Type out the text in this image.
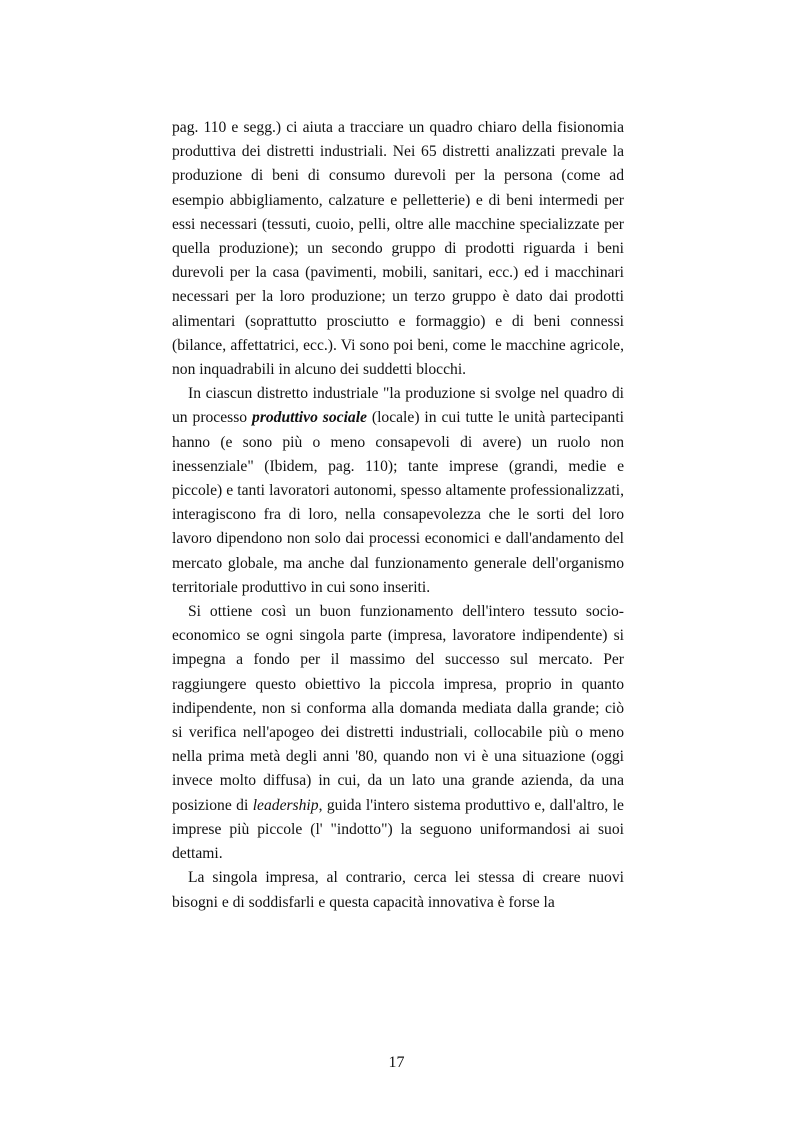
pag. 110 e segg.) ci aiuta a tracciare un quadro chiaro della fisionomia produttiva dei distretti industriali. Nei 65 distretti analizzati prevale la produzione di beni di consumo durevoli per la persona (come ad esempio abbigliamento, calzature e pelletterie) e di beni intermedi per essi necessari (tessuti, cuoio, pelli, oltre alle macchine specializzate per quella produzione); un secondo gruppo di prodotti riguarda i beni durevoli per la casa (pavimenti, mobili, sanitari, ecc.) ed i macchinari necessari per la loro produzione; un terzo gruppo è dato dai prodotti alimentari (soprattutto prosciutto e formaggio) e di beni connessi (bilance, affettatrici, ecc.). Vi sono poi beni, come le macchine agricole, non inquadrabili in alcuno dei suddetti blocchi.

In ciascun distretto industriale "la produzione si svolge nel quadro di un processo produttivo sociale (locale) in cui tutte le unità partecipanti hanno (e sono più o meno consapevoli di avere) un ruolo non inessenziale" (Ibidem, pag. 110); tante imprese (grandi, medie e piccole) e tanti lavoratori autonomi, spesso altamente professionalizzati, interagiscono fra di loro, nella consapevolezza che le sorti del loro lavoro dipendono non solo dai processi economici e dall'andamento del mercato globale, ma anche dal funzionamento generale dell'organismo territoriale produttivo in cui sono inseriti.

Si ottiene così un buon funzionamento dell'intero tessuto socio-economico se ogni singola parte (impresa, lavoratore indipendente) si impegna a fondo per il massimo del successo sul mercato. Per raggiungere questo obiettivo la piccola impresa, proprio in quanto indipendente, non si conforma alla domanda mediata dalla grande; ciò si verifica nell'apogeo dei distretti industriali, collocabile più o meno nella prima metà degli anni '80, quando non vi è una situazione (oggi invece molto diffusa) in cui, da un lato una grande azienda, da una posizione di leadership, guida l'intero sistema produttivo e, dall'altro, le imprese più piccole (l' "indotto") la seguono uniformandosi ai suoi dettami.

La singola impresa, al contrario, cerca lei stessa di creare nuovi bisogni e di soddisfarli e questa capacità innovativa è forse la

17
